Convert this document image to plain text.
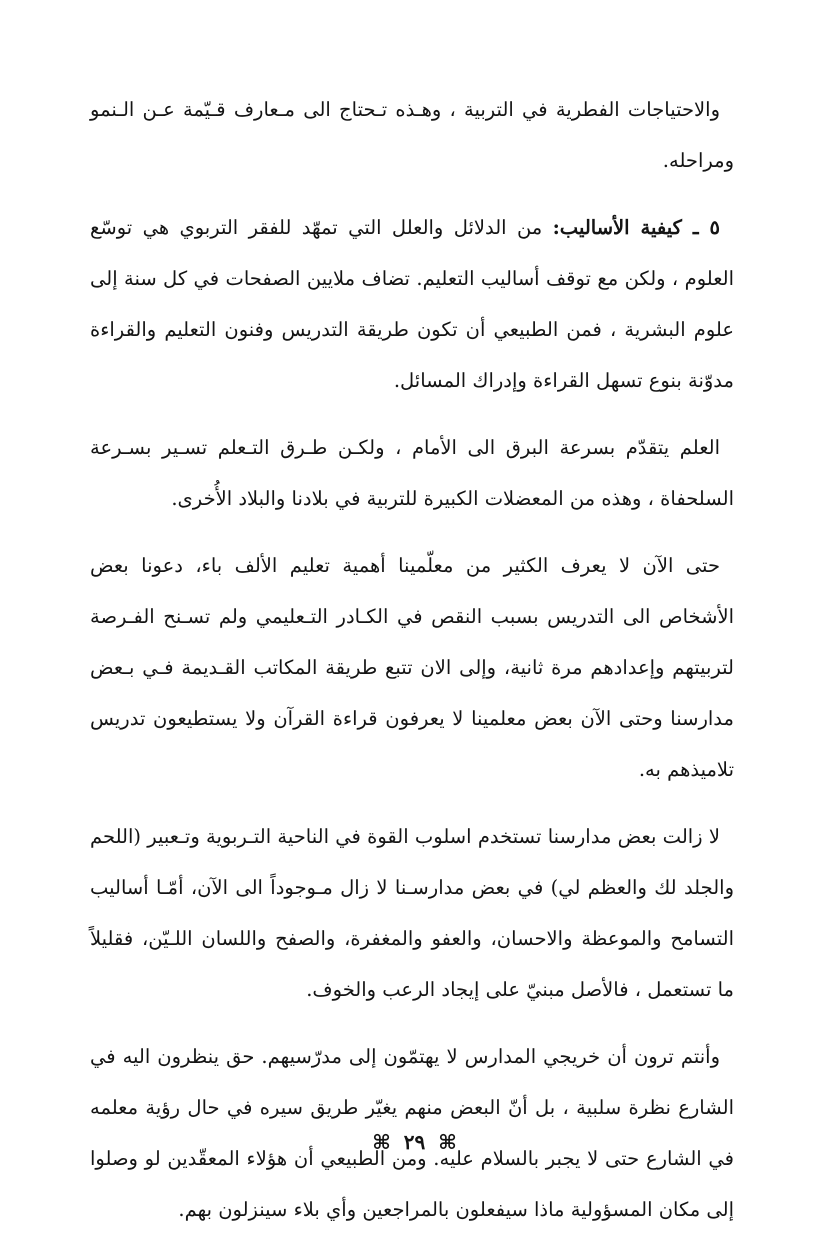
والاحتياجات الفطرية في التربية ، وهـذه تـحتاج الى مـعارف قـيّمة عـن الـنمو ومراحله.

٥ ـ كيفية الأساليب: من الدلائل والعلل التي تمهّد للفقر التربوي هي توسّع العلوم ، ولكن مع توقف أساليب التعليم. تضاف ملايين الصفحات في كل سنة إلى علوم البشرية ، فمن الطبيعي أن تكون طريقة التدريس وفنون التعليم والقراءة مدوّنة بنوع تسهل القراءة وإدراك المسائل.

العلم يتقدّم بسرعة البرق الى الأمام ، ولكـن طـرق التـعلم تسـير بسـرعة السلحفاة ، وهذه من المعضلات الكبيرة للتربية في بلادنا والبلاد الأُخرى.

حتى الآن لا يعرف الكثير من معلّمينا أهمية تعليم الألف باء، دعونا بعض الأشخاص الى التدريس بسبب النقص في الكـادر التـعليمي ولم تسـنح الفـرصة لتربيتهم وإعدادهم مرة ثانية، وإلى الان تتبع طريقة المكاتب القـديمة فـي بـعض مدارسنا وحتى الآن بعض معلمينا لا يعرفون قراءة القرآن ولا يستطيعون تدريس تلاميذهم به.

لا زالت بعض مدارسنا تستخدم اسلوب القوة في الناحية التـربوية وتـعبير (اللحم والجلد لك والعظم لي) في بعض مدارسـنا لا زال مـوجوداً الى الآن، أمّـا أساليب التسامح والموعظة والاحسان، والعفو والمغفرة، والصفح واللسان اللـيّن، فقليلاً ما تستعمل ، فالأصل مبنيّ على إيجاد الرعب والخوف.

وأنتم ترون أن خريجي المدارس لا يهتمّون إلى مدرّسيهم. حق ينظرون اليه في الشارع نظرة سلبية ، بل أنّ البعض منهم يغيّر طريق سيره في حال رؤية معلمه في الشارع حتى لا يجبر بالسلام عليه. ومن الطبيعي أن هؤلاء المعقّدين لو وصلوا إلى مكان المسؤولية ماذا سيفعلون بالمراجعين وأي بلاء سينزلون بهم.

⌘ ٢٩ ⌘
